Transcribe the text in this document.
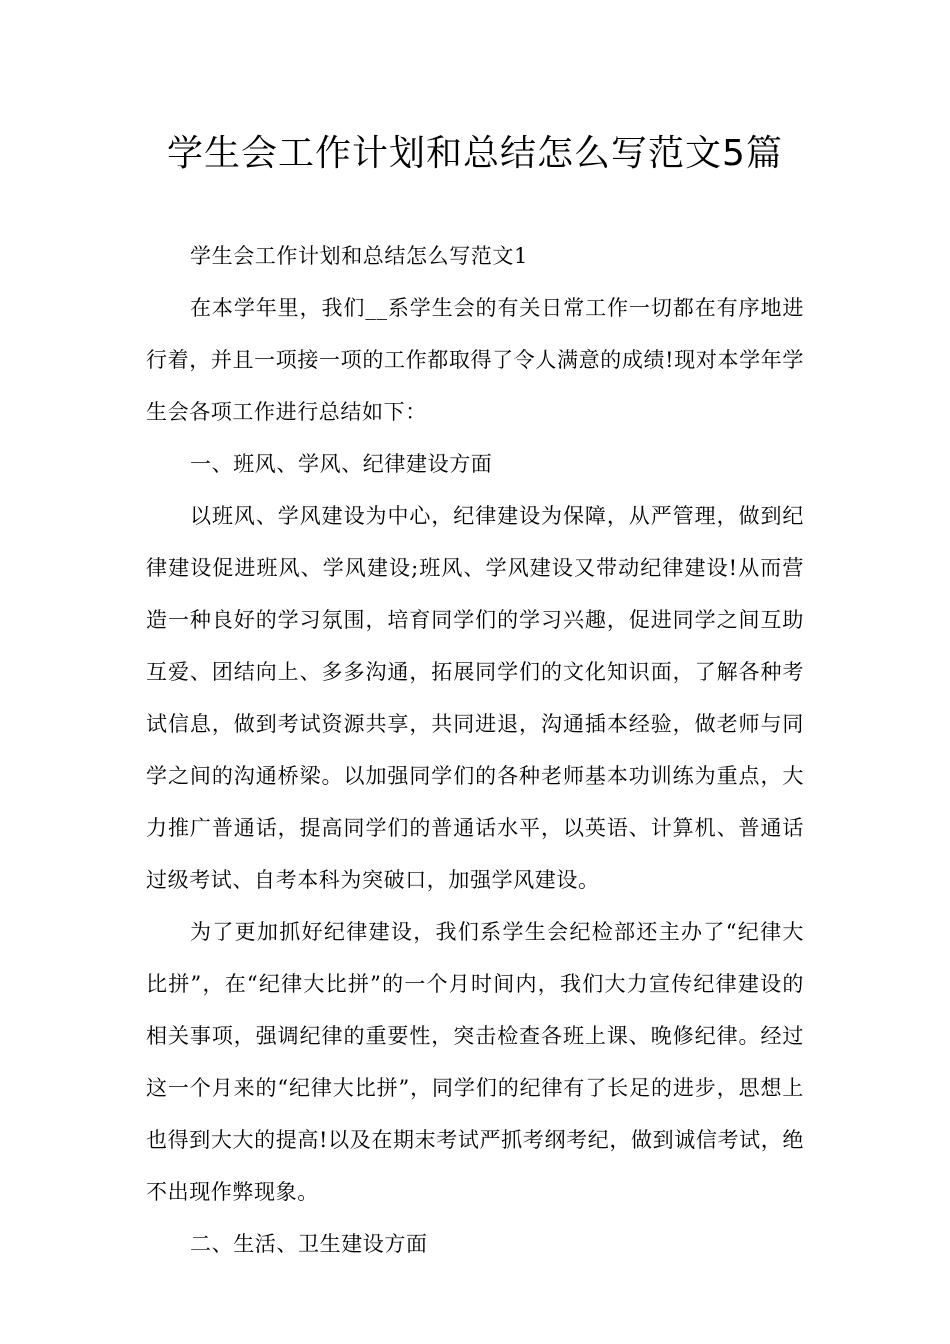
学生会工作计划和总结怎么写范文5篇

学生会工作计划和总结怎么写范文1

在本学年里，我们__系学生会的有关日常工作一切都在有序地进行着，并且一项接一项的工作都取得了令人满意的成绩!现对本学年学生会各项工作进行总结如下：

一、班风、学风、纪律建设方面

以班风、学风建设为中心，纪律建设为保障，从严管理，做到纪律建设促进班风、学风建设;班风、学风建设又带动纪律建设!从而营造一种良好的学习氛围，培育同学们的学习兴趣，促进同学之间互助互爱、团结向上、多多沟通，拓展同学们的文化知识面，了解各种考试信息，做到考试资源共享，共同进退，沟通插本经验，做老师与同学之间的沟通桥梁。以加强同学们的各种老师基本功训练为重点，大力推广普通话，提高同学们的普通话水平，以英语、计算机、普通话过级考试、自考本科为突破口，加强学风建设。

为了更加抓好纪律建设，我们系学生会纪检部还主办了“纪律大比拼”，在“纪律大比拼”的一个月时间内，我们大力宣传纪律建设的相关事项，强调纪律的重要性，突击检查各班上课、晚修纪律。经过这一个月来的“纪律大比拼”，同学们的纪律有了长足的进步，思想上也得到大大的提高!以及在期末考试严抓考纲考纪，做到诚信考试，绝不出现作弊现象。

二、生活、卫生建设方面
